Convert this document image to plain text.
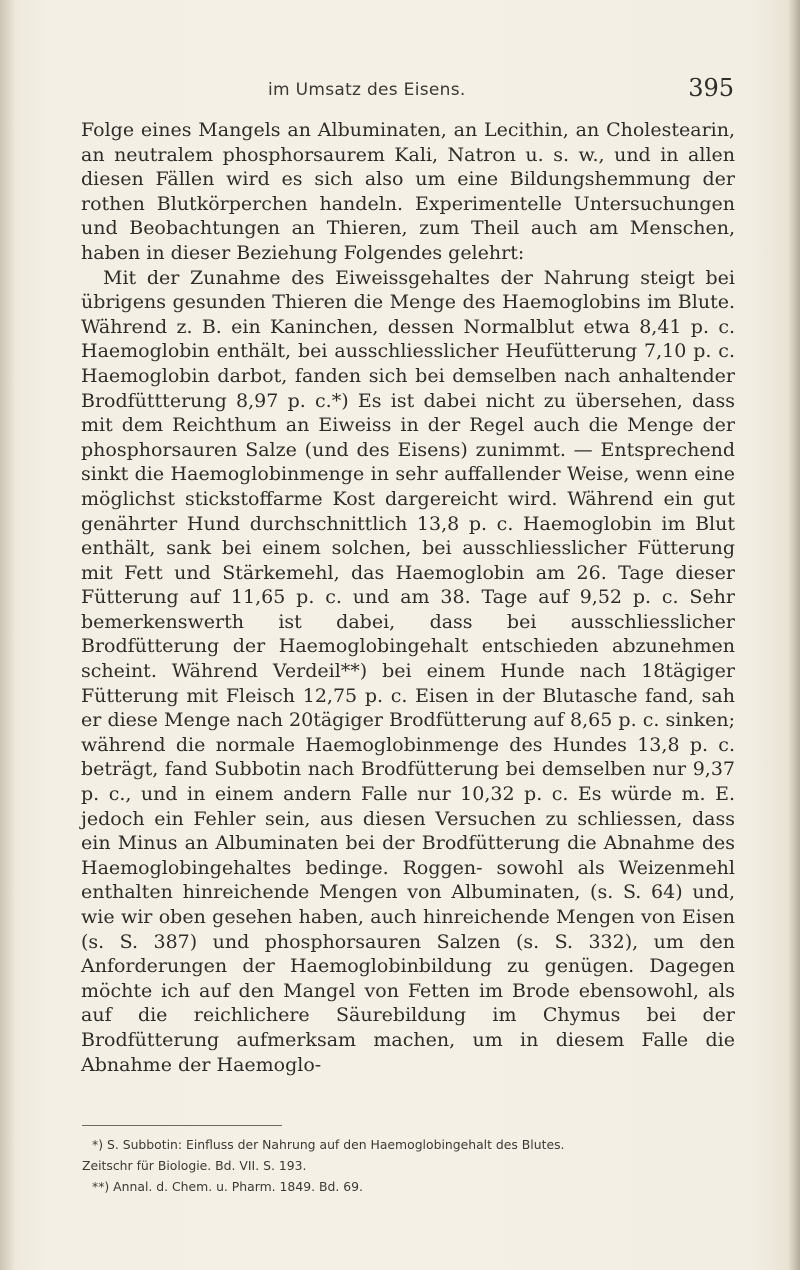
im Umsatz des Eisens.	395

Folge eines Mangels an Albuminaten, an Lecithin, an Cholestearin, an neutralem phosphorsaurem Kali, Natron u. s. w., und in allen diesen Fällen wird es sich also um eine Bildungshemmung der rothen Blutkörperchen handeln. Experimentelle Untersuchungen und Beobachtungen an Thieren, zum Theil auch am Menschen, haben in dieser Beziehung Folgendes gelehrt:

Mit der Zunahme des Eiweissgehaltes der Nahrung steigt bei übrigens gesunden Thieren die Menge des Haemoglobins im Blute. Während z. B. ein Kaninchen, dessen Normalblut etwa 8,41 p. c. Haemoglobin enthält, bei ausschliesslicher Heufütterung 7,10 p. c. Haemoglobin darbot, fanden sich bei demselben nach anhaltender Brodfüttterung 8,97 p. c.*) Es ist dabei nicht zu übersehen, dass mit dem Reichthum an Eiweiss in der Regel auch die Menge der phosphorsauren Salze (und des Eisens) zunimmt. — Entsprechend sinkt die Haemoglobinmenge in sehr auffallender Weise, wenn eine möglichst stickstoffarme Kost dargereicht wird. Während ein gut genährter Hund durchschnittlich 13,8 p. c. Haemoglobin im Blut enthält, sank bei einem solchen, bei ausschliesslicher Fütterung mit Fett und Stärkemehl, das Haemoglobin am 26. Tage dieser Fütterung auf 11,65 p. c. und am 38. Tage auf 9,52 p. c. Sehr bemerkenswerth ist dabei, dass bei ausschliesslicher Brodfütterung der Haemoglobingehalt entschieden abzunehmen scheint. Während Verdeil**) bei einem Hunde nach 18tägiger Fütterung mit Fleisch 12,75 p. c. Eisen in der Blutasche fand, sah er diese Menge nach 20tägiger Brodfütterung auf 8,65 p. c. sinken; während die normale Haemoglobinmenge des Hundes 13,8 p. c. beträgt, fand Subbotin nach Brodfütterung bei demselben nur 9,37 p. c., und in einem andern Falle nur 10,32 p. c. Es würde m. E. jedoch ein Fehler sein, aus diesen Versuchen zu schliessen, dass ein Minus an Albuminaten bei der Brodfütterung die Abnahme des Haemoglobingehaltes bedinge. Roggen- sowohl als Weizenmehl enthalten hinreichende Mengen von Albuminaten, (s. S. 64) und, wie wir oben gesehen haben, auch hinreichende Mengen von Eisen (s. S. 387) und phosphorsauren Salzen (s. S. 332), um den Anforderungen der Haemoglobinbildung zu genügen. Dagegen möchte ich auf den Mangel von Fetten im Brode ebensowohl, als auf die reichlichere Säurebildung im Chymus bei der Brodfütterung aufmerksam machen, um in diesem Falle die Abnahme der Haemoglo-

*) S. Subbotin: Einfluss der Nahrung auf den Haemoglobingehalt des Blutes.

Zeitschr für Biologie. Bd. VII. S. 193.

**) Annal. d. Chem. u. Pharm. 1849. Bd. 69.
